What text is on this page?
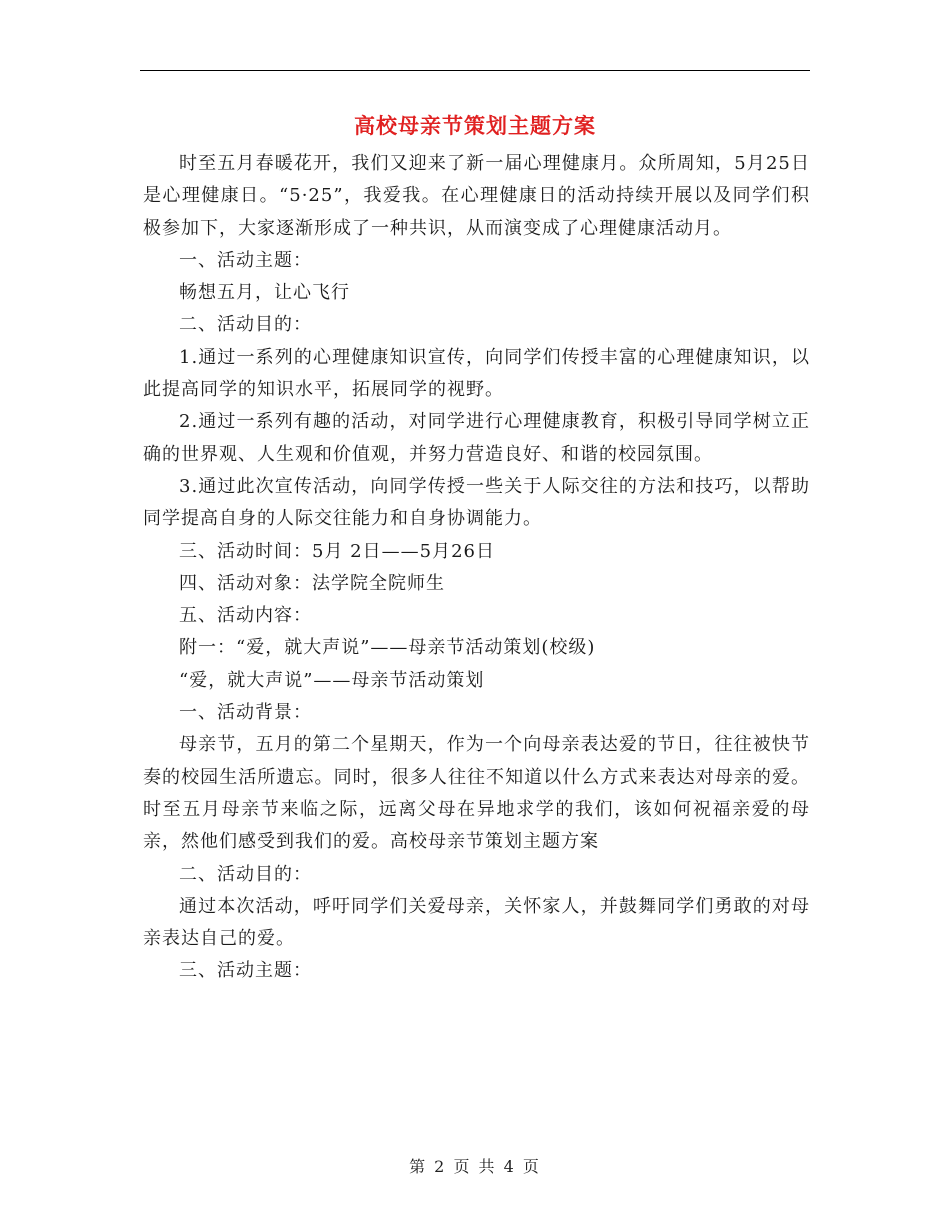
高校母亲节策划主题方案

时至五月春暖花开，我们又迎来了新一届心理健康月。众所周知，5月25日是心理健康日。“5·25”，我爱我。在心理健康日的活动持续开展以及同学们积极参加下，大家逐渐形成了一种共识，从而演变成了心理健康活动月。

一、活动主题：

畅想五月，让心飞行

二、活动目的：

1.通过一系列的心理健康知识宣传，向同学们传授丰富的心理健康知识，以此提高同学的知识水平，拓展同学的视野。

2.通过一系列有趣的活动，对同学进行心理健康教育，积极引导同学树立正确的世界观、人生观和价值观，并努力营造良好、和谐的校园氛围。

3.通过此次宣传活动，向同学传授一些关于人际交往的方法和技巧，以帮助同学提高自身的人际交往能力和自身协调能力。

三、活动时间：5月 2日——5月26日

四、活动对象：法学院全院师生

五、活动内容：

附一：“爱，就大声说”——母亲节活动策划(校级)

“爱，就大声说”——母亲节活动策划

一、活动背景：

母亲节，五月的第二个星期天，作为一个向母亲表达爱的节日，往往被快节奏的校园生活所遗忘。同时，很多人往往不知道以什么方式来表达对母亲的爱。时至五月母亲节来临之际，远离父母在异地求学的我们，该如何祝福亲爱的母亲，然他们感受到我们的爱。高校母亲节策划主题方案

二、活动目的：

通过本次活动，呼吁同学们关爱母亲，关怀家人，并鼓舞同学们勇敢的对母亲表达自己的爱。

三、活动主题：

第 2 页 共 4 页
